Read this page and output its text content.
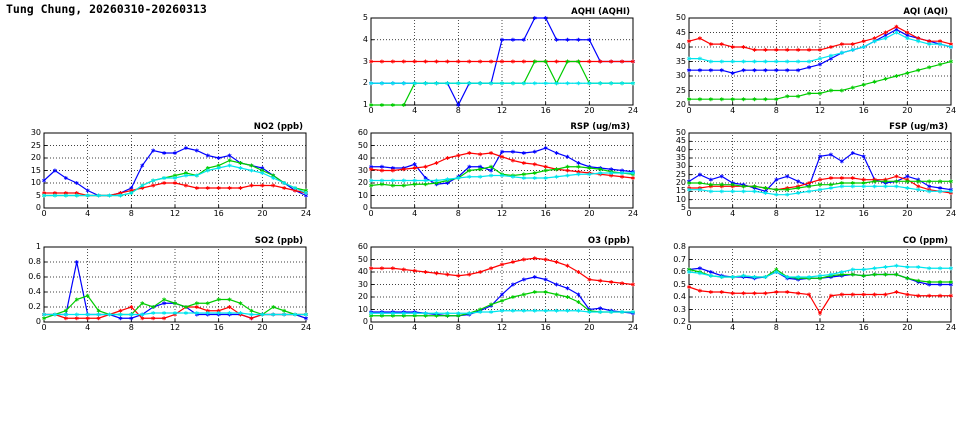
Tung Chung, 20260310-20260313	AQHI (AQHI)
0	4	8	12	16	20	24
1
2
3
4
5
AQI (AQI)
0	4	8	12	16	20	24
20
25
30
35
40
45
50
NO2 (ppb)
0	4	8	12	16	20	24
0
5
10
15
20
25
30
RSP (ug/m3)
0	4	8	12	16	20	24
0
10
20
30
40
50
60
FSP (ug/m3)
0	4	8	12	16	20	24
5
10
15
20
25
30
35
40
45
50
SO2 (ppb)
0	4	8	12	16	20	24
0
0.2
0.4
0.6
0.8
1
O3 (ppb)
0	4	8	12	16	20	24
0
10
20
30
40
50
60
CO (ppm)
0	4	8	12	16	20	24
0.2
0.3
0.4
0.5
0.6
0.7
0.8
